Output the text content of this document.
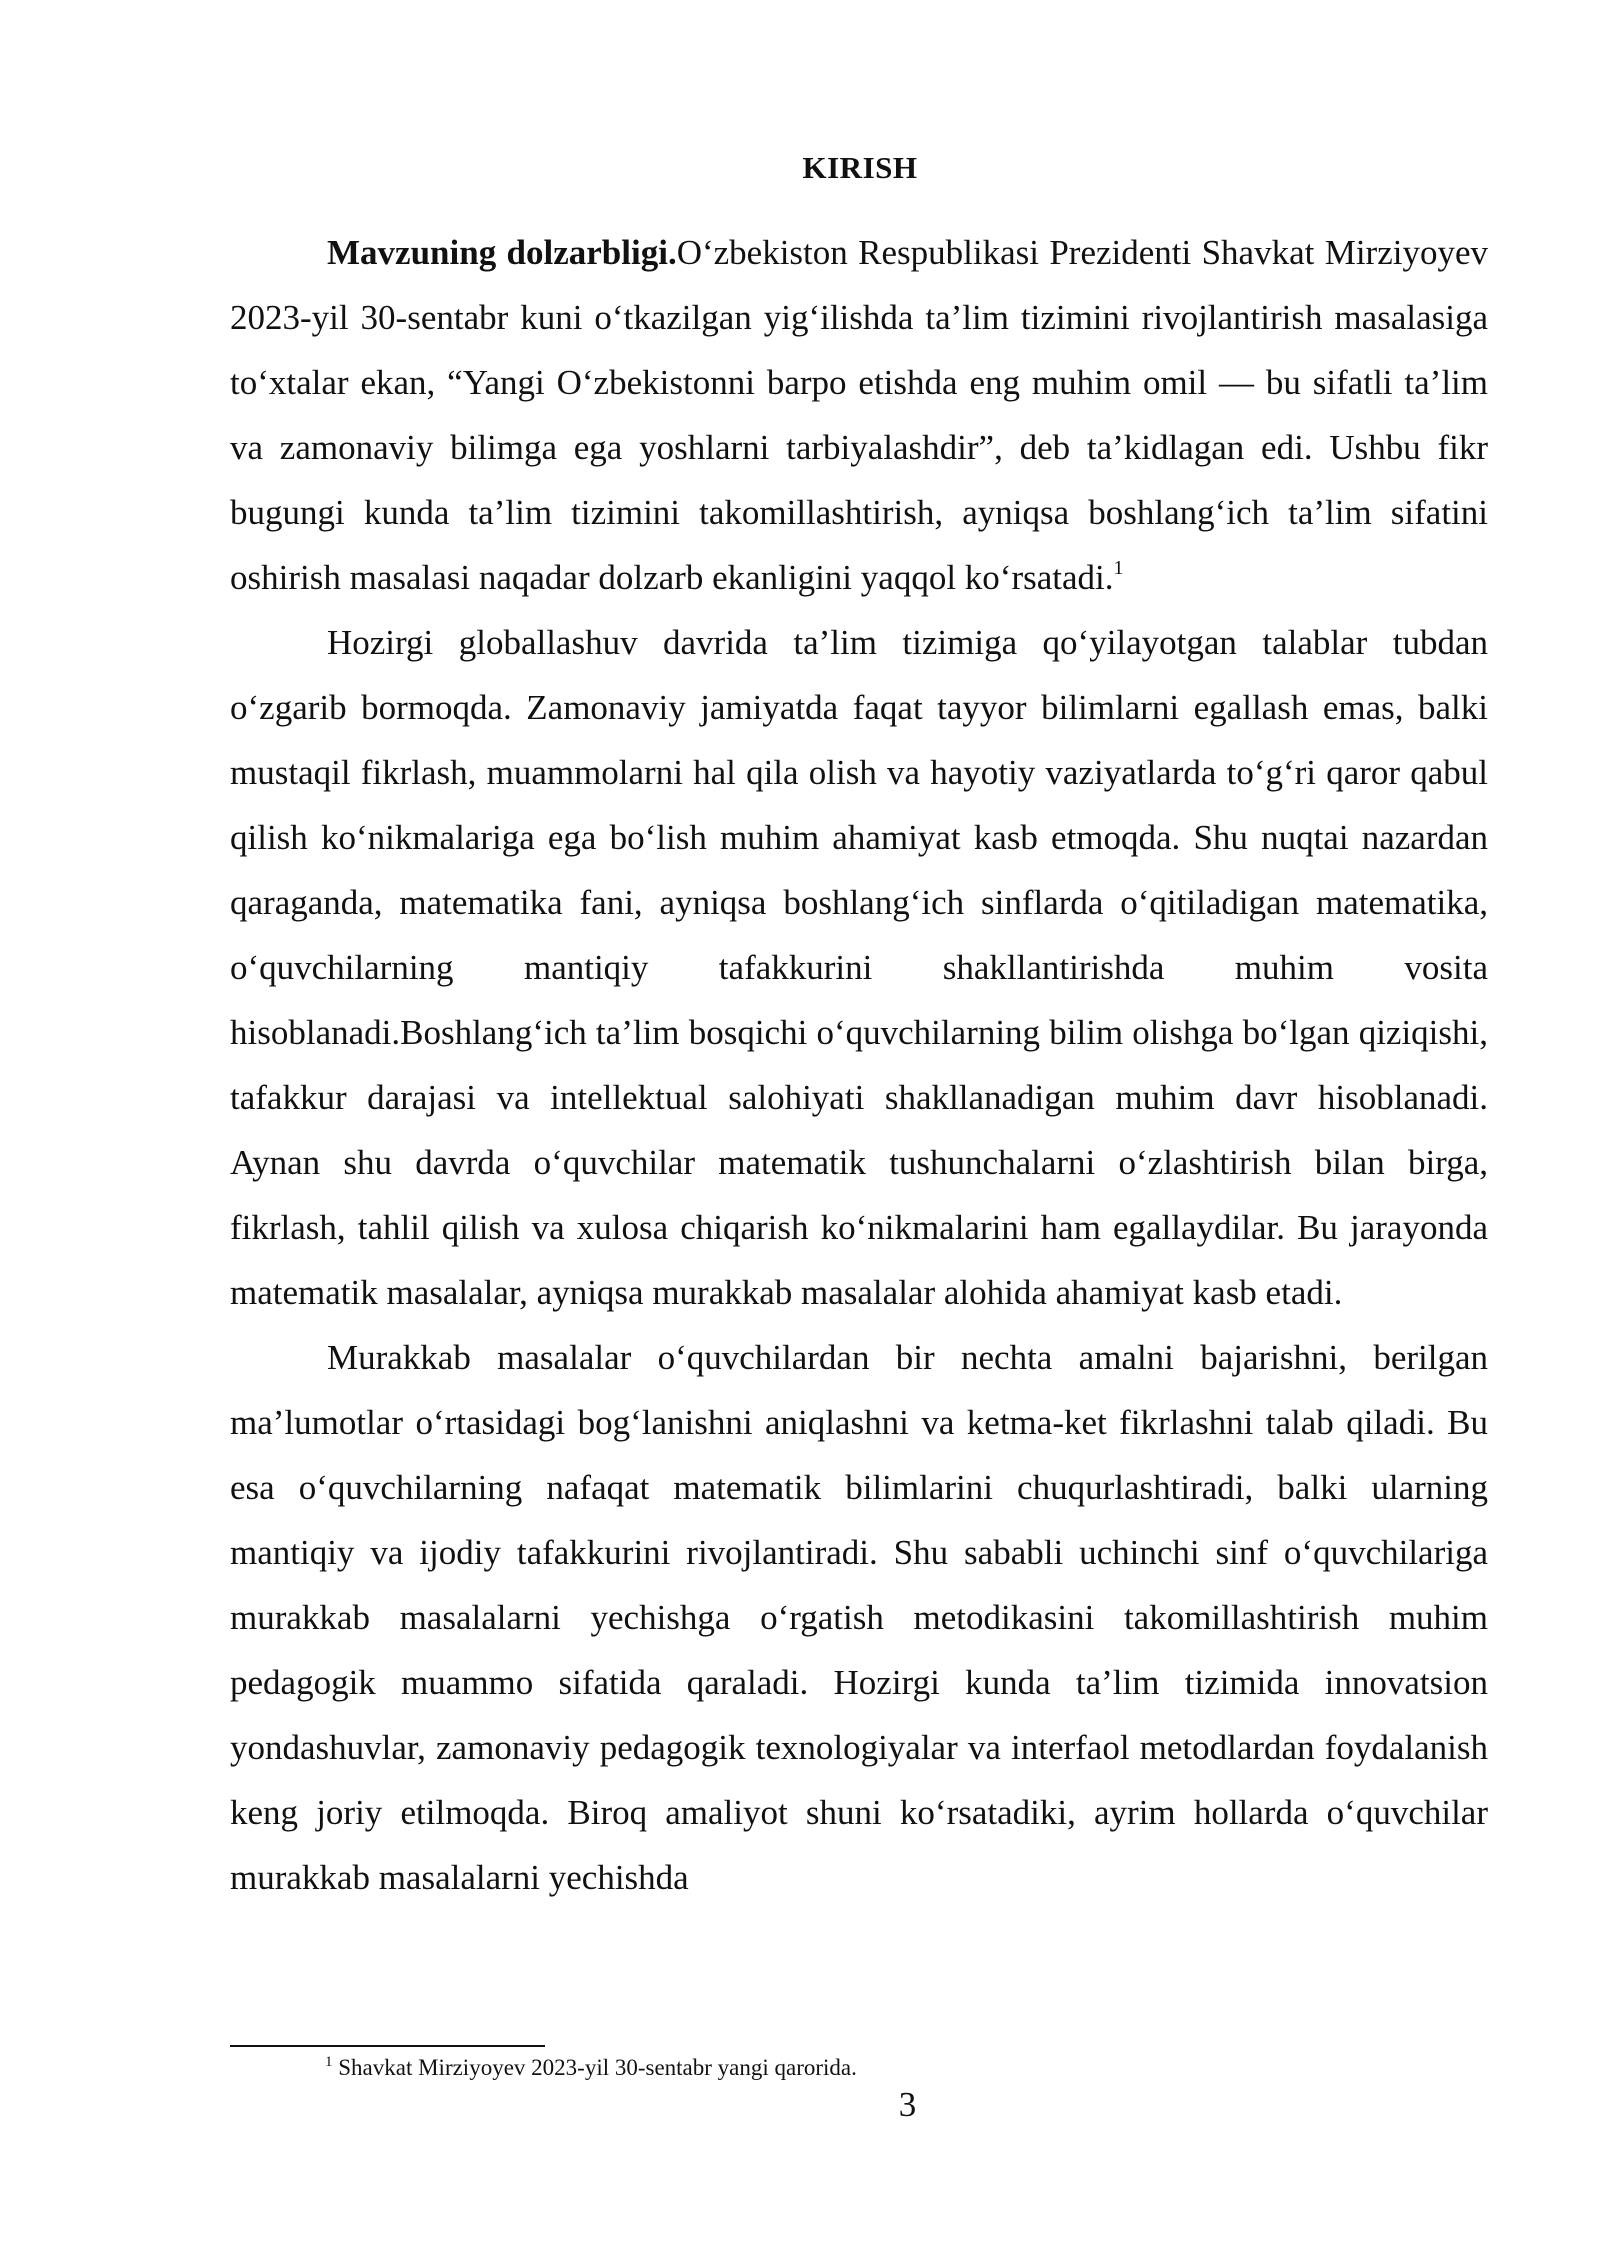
KIRISH

Mavzuning dolzarbligi.O‘zbekiston Respublikasi Prezidenti Shavkat Mirziyoyev 2023-yil 30-sentabr kuni o‘tkazilgan yig‘ilishda ta’lim tizimini rivojlantirish masalasiga to‘xtalar ekan, “Yangi O‘zbekistonni barpo etishda eng muhim omil — bu sifatli ta’lim va zamonaviy bilimga ega yoshlarni tarbiyalashdir”, deb ta’kidlagan edi. Ushbu fikr bugungi kunda ta’lim tizimini takomillashtirish, ayniqsa boshlang‘ich ta’lim sifatini oshirish masalasi naqadar dolzarb ekanligini yaqqol ko‘rsatadi.$^1$

Hozirgi globallashuv davrida ta’lim tizimiga qo‘yilayotgan talablar tubdan o‘zgarib bormoqda. Zamonaviy jamiyatda faqat tayyor bilimlarni egallash emas, balki mustaqil fikrlash, muammolarni hal qila olish va hayotiy vaziyatlarda to‘g‘ri qaror qabul qilish ko‘nikmalariga ega bo‘lish muhim ahamiyat kasb etmoqda. Shu nuqtai nazardan qaraganda, matematika fani, ayniqsa boshlang‘ich sinflarda o‘qitiladigan matematika, o‘quvchilarning mantiqiy tafakkurini shakllantirishda muhim vosita hisoblanadi.Boshlang‘ich ta’lim bosqichi o‘quvchilarning bilim olishga bo‘lgan qiziqishi, tafakkur darajasi va intellektual salohiyati shakllanadigan muhim davr hisoblanadi. Aynan shu davrda o‘quvchilar matematik tushunchalarni o‘zlashtirish bilan birga, fikrlash, tahlil qilish va xulosa chiqarish ko‘nikmalarini ham egallaydilar. Bu jarayonda matematik masalalar, ayniqsa murakkab masalalar alohida ahamiyat kasb etadi.

Murakkab masalalar o‘quvchilardan bir nechta amalni bajarishni, berilgan ma’lumotlar o‘rtasidagi bog‘lanishni aniqlashni va ketma-ket fikrlashni talab qiladi. Bu esa o‘quvchilarning nafaqat matematik bilimlarini chuqurlashtiradi, balki ularning mantiqiy va ijodiy tafakkurini rivojlantiradi. Shu sababli uchinchi sinf o‘quvchilariga murakkab masalalarni yechishga o‘rgatish metodikasini takomillashtirish muhim pedagogik muammo sifatida qaraladi. Hozirgi kunda ta’lim tizimida innovatsion yondashuvlar, zamonaviy pedagogik texnologiyalar va interfaol metodlardan foydalanish keng joriy etilmoqda. Biroq amaliyot shuni ko‘rsatadiki, ayrim hollarda o‘quvchilar murakkab masalalarni yechishda

$^1$ Shavkat Mirziyoyev 2023-yil 30-sentabr yangi qarorida.
3
